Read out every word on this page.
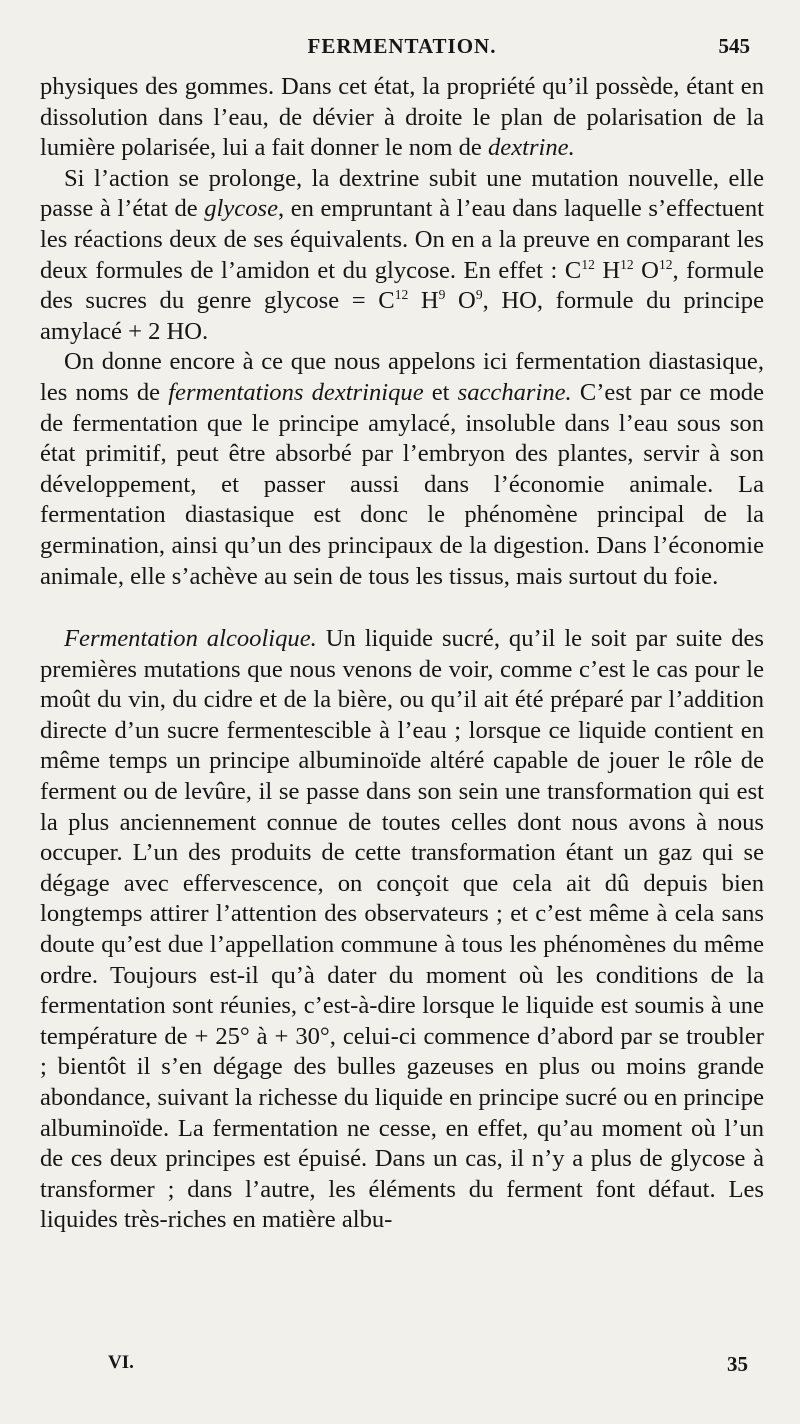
FERMENTATION.	545

physiques des gommes. Dans cet état, la propriété qu’il possède, étant en dissolution dans l’eau, de dévier à droite le plan de polarisation de la lumière polarisée, lui a fait donner le nom de dextrine.

Si l’action se prolonge, la dextrine subit une mutation nouvelle, elle passe à l’état de glycose, en empruntant à l’eau dans laquelle s’effectuent les réactions deux de ses équivalents. On en a la preuve en comparant les deux formules de l’amidon et du glycose. En effet : $C^{12}$ $H^{12}$ $O^{12}$, formule des sucres du genre $glycose = C^{12}$ $H^9$ $O^9$, HO, formule du principe amylacé + 2 HO.

On donne encore à ce que nous appelons ici fermentation diastasique, les noms de fermentations dextrinique et saccharine. C’est par ce mode de fermentation que le principe amylacé, insoluble dans l’eau sous son état primitif, peut être absorbé par l’embryon des plantes, servir à son développement, et passer aussi dans l’économie animale. La fermentation diastasique est donc le phénomène principal de la germination, ainsi qu’un des principaux de la digestion. Dans l’économie animale, elle s’achève au sein de tous les tissus, mais surtout du foie.

Fermentation alcoolique. Un liquide sucré, qu’il le soit par suite des premières mutations que nous venons de voir, comme c’est le cas pour le moût du vin, du cidre et de la bière, ou qu’il ait été préparé par l’addition directe d’un sucre fermentescible à l’eau ; lorsque ce liquide contient en même temps un principe albuminoïde altéré capable de jouer le rôle de ferment ou de levûre, il se passe dans son sein une transformation qui est la plus anciennement connue de toutes celles dont nous avons à nous occuper. L’un des produits de cette transformation étant un gaz qui se dégage avec effervescence, on conçoit que cela ait dû depuis bien longtemps attirer l’attention des observateurs ; et c’est même à cela sans doute qu’est due l’appellation commune à tous les phénomènes du même ordre. Toujours est-il qu’à dater du moment où les conditions de la fermentation sont réunies, c’est-à-dire lorsque le liquide est soumis à une température de + 25° à + 30°, celui-ci commence d’abord par se troubler ; bientôt il s’en dégage des bulles gazeuses en plus ou moins grande abondance, suivant la richesse du liquide en principe sucré ou en principe albuminoïde. La fermentation ne cesse, en effet, qu’au moment où l’un de ces deux principes est épuisé. Dans un cas, il n’y a plus de glycose à transformer ; dans l’autre, les éléments du ferment font défaut. Les liquides très-riches en matière albu-

VI.	35
